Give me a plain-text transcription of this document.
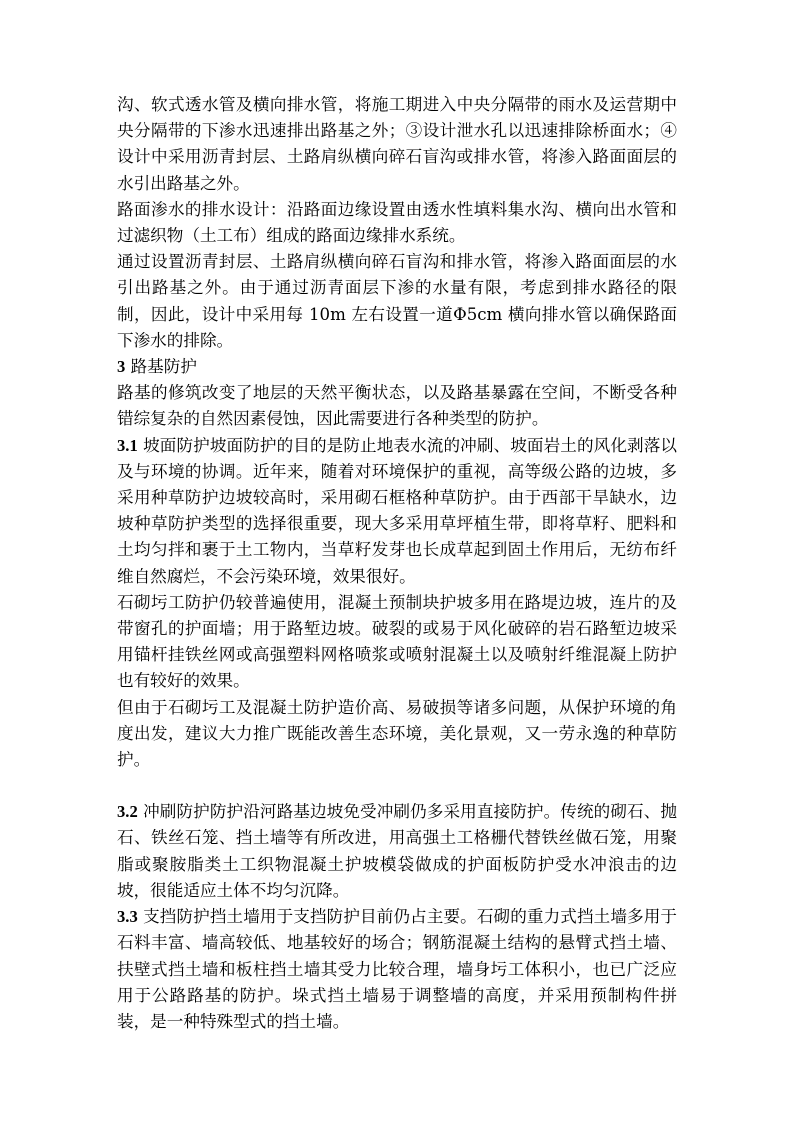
沟、软式透水管及横向排水管，将施工期进入中央分隔带的雨水及运营期中央分隔带的下渗水迅速排出路基之外；③设计泄水孔以迅速排除桥面水；④设计中采用沥青封层、土路肩纵横向碎石盲沟或排水管，将渗入路面面层的水引出路基之外。

路面渗水的排水设计：沿路面边缘设置由透水性填料集水沟、横向出水管和过滤织物（土工布）组成的路面边缘排水系统。

通过设置沥青封层、土路肩纵横向碎石盲沟和排水管，将渗入路面面层的水引出路基之外。由于通过沥青面层下渗的水量有限，考虑到排水路径的限制，因此，设计中采用每 10m 左右设置一道Φ5cm 横向排水管以确保路面下渗水的排除。

3 路基防护

路基的修筑改变了地层的天然平衡状态，以及路基暴露在空间，不断受各种错综复杂的自然因素侵蚀，因此需要进行各种类型的防护。

3.1 坡面防护坡面防护的目的是防止地表水流的冲刷、坡面岩土的风化剥落以及与环境的协调。近年来，随着对环境保护的重视，高等级公路的边坡，多采用种草防护边坡较高时，采用砌石框格种草防护。由于西部干旱缺水，边坡种草防护类型的选择很重要，现大多采用草坪植生带，即将草籽、肥料和土均匀拌和裹于土工物内，当草籽发芽也长成草起到固土作用后，无纺布纤维自然腐烂，不会污染环境，效果很好。

石砌圬工防护仍较普遍使用，混凝土预制块护坡多用在路堤边坡，连片的及带窗孔的护面墙；用于路堑边坡。破裂的或易于风化破碎的岩石路堑边坡采用锚杆挂铁丝网或高强塑料网格喷浆或喷射混凝土以及喷射纤维混凝上防护也有较好的效果。

但由于石砌圬工及混凝土防护造价高、易破损等诸多问题，从保护环境的角度出发，建议大力推广既能改善生态环境，美化景观，又一劳永逸的种草防护。

3.2 冲刷防护防护沿河路基边坡免受冲刷仍多采用直接防护。传统的砌石、抛石、铁丝石笼、挡土墙等有所改进，用高强土工格栅代替铁丝做石笼，用聚脂或聚胺脂类土工织物混凝土护坡模袋做成的护面板防护受水冲浪击的边坡，很能适应土体不均匀沉降。

3.3 支挡防护挡土墙用于支挡防护目前仍占主要。石砌的重力式挡土墙多用于石料丰富、墙高较低、地基较好的场合；钢筋混凝土结构的悬臂式挡土墙、扶壁式挡土墙和板柱挡土墙其受力比较合理，墙身圬工体积小，也已广泛应用于公路路基的防护。垛式挡土墙易于调整墙的高度，并采用预制构件拼装，是一种特殊型式的挡土墙。
